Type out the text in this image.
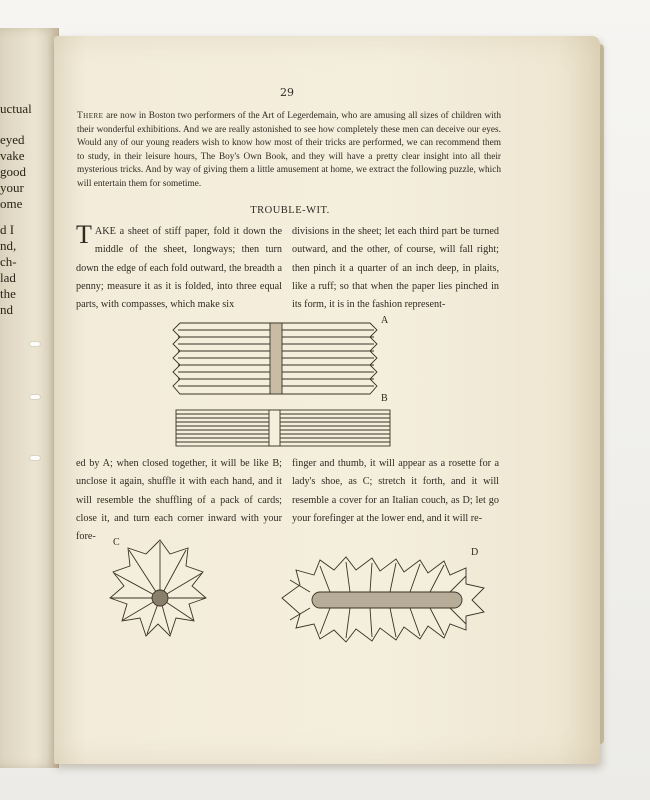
uctual
eyed
vake
good
your
ome
d I
nd,
ch-
lad
the
nd
29
There are now in Boston two performers of the Art of Legerdemain, who are amusing all sizes of children with their wonderful exhibitions. And we are really astonished to see how completely these men can deceive our eyes. Would any of our young readers wish to know how most of their tricks are performed, we can recommend them to study, in their leisure hours, The Boy's Own Book, and they will have a pretty clear insight into all their mysterious tricks. And by way of giving them a little amusement at home, we extract the following puzzle, which will entertain them for sometime.
TROUBLE-WIT.
TAKE a sheet of stiff paper, fold it down the middle of the sheet, longways; then turn down the edge of each fold outward, the breadth a penny; measure it as it is folded, into three equal parts, with compasses, which make six
divisions in the sheet; let each third part be turned outward, and the other, of course, will fall right; then pinch it a quarter of an inch deep, in plaits, like a ruff; so that when the paper lies pinched in its form, it is in the fashion represent-
ed by A; when closed together, it will be like B; unclose it again, shuffle it with each hand, and it will resemble the shuffling of a pack of cards; close it, and turn each corner inward with your fore-
finger and thumb, it will appear as a rosette for a lady's shoe, as C; stretch it forth, and it will resemble a cover for an Italian couch, as D; let go your forefinger at the lower end, and it will re-
A
B
C
D
